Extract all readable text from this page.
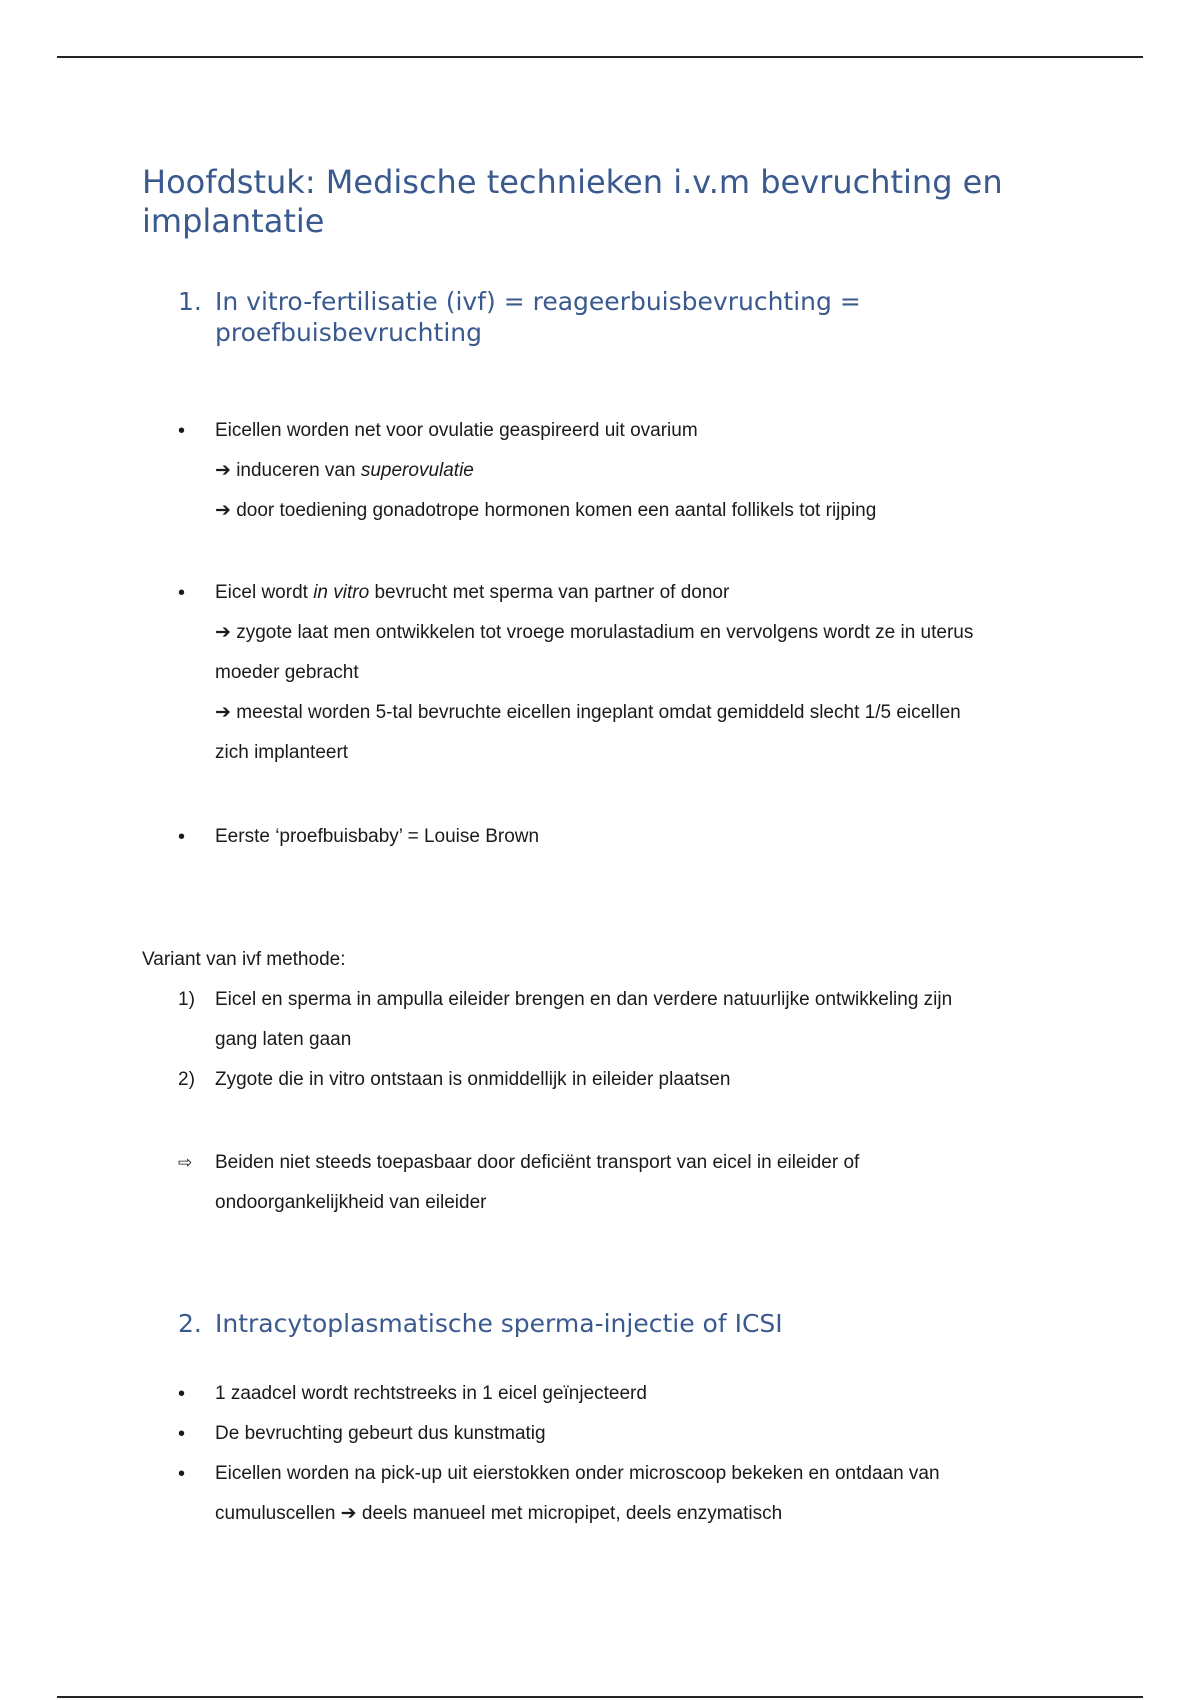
Hoofdstuk: Medische technieken i.v.m bevruchting en implantatie
1. In vitro-fertilisatie (ivf) = reageerbuisbevruchting = proefbuisbevruchting
•	Eicellen worden net voor ovulatie geaspireerd uit ovarium
➔ induceren van superovulatie
➔ door toediening gonadotrope hormonen komen een aantal follikels tot rijping
•	Eicel wordt in vitro bevrucht met sperma van partner of donor
➔ zygote laat men ontwikkelen tot vroege morulastadium en vervolgens wordt ze in uterus
moeder gebracht
➔ meestal worden 5-tal bevruchte eicellen ingeplant omdat gemiddeld slecht 1/5 eicellen
zich implanteert
•	Eerste ‘proefbuisbaby’ = Louise Brown
Variant van ivf methode:
1)	Eicel en sperma in ampulla eileider brengen en dan verdere natuurlijke ontwikkeling zijn
gang laten gaan
2)	Zygote die in vitro ontstaan is onmiddellijk in eileider plaatsen
⇨	Beiden niet steeds toepasbaar door deficiënt transport van eicel in eileider of
ondoorgankelijkheid van eileider
2. Intracytoplasmatische sperma-injectie of ICSI
•	1 zaadcel wordt rechtstreeks in 1 eicel geïnjecteerd
•	De bevruchting gebeurt dus kunstmatig
•	Eicellen worden na pick-up uit eierstokken onder microscoop bekeken en ontdaan van
cumuluscellen ➔ deels manueel met micropipet, deels enzymatisch
